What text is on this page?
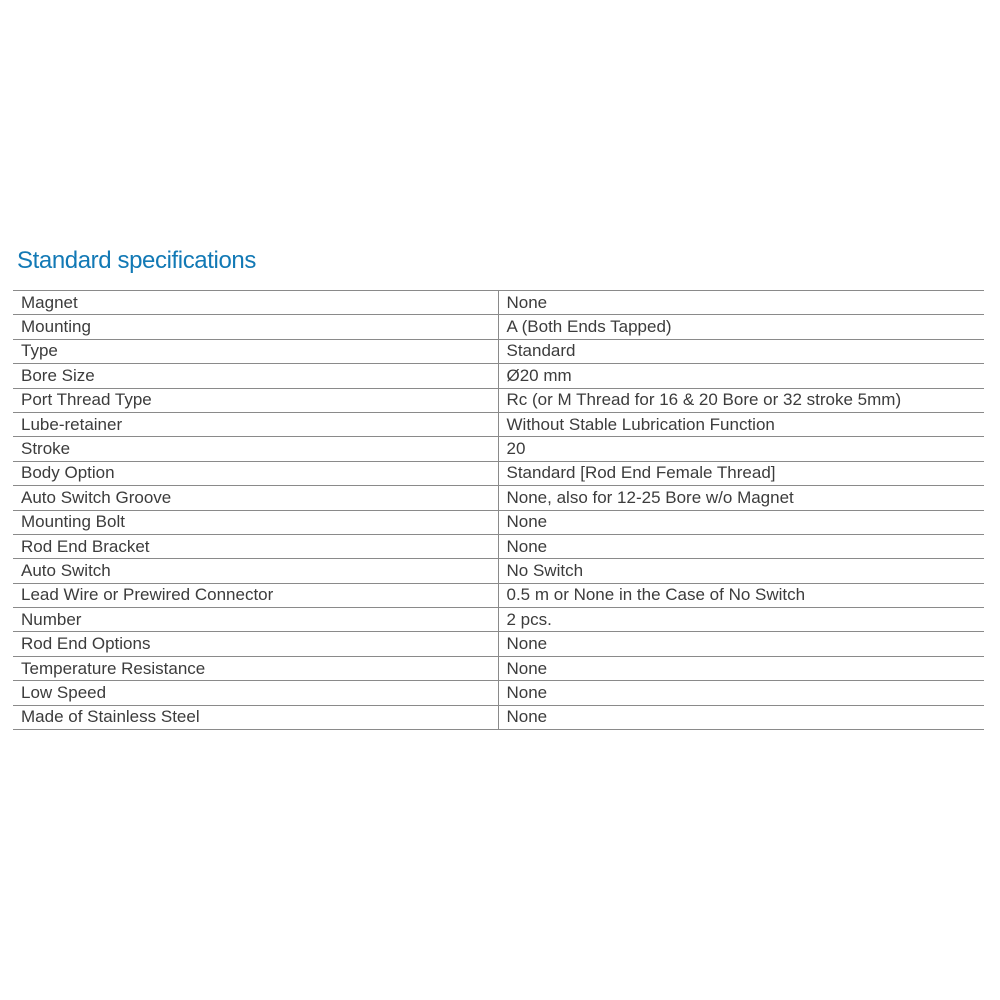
Standard specifications
Magnet	None
Mounting	A (Both Ends Tapped)
Type	Standard
Bore Size	Ø20 mm
Port Thread Type	Rc (or M Thread for 16 & 20 Bore or 32 stroke 5mm)
Lube-retainer	Without Stable Lubrication Function
Stroke	20
Body Option	Standard [Rod End Female Thread]
Auto Switch Groove	None, also for 12-25 Bore w/o Magnet
Mounting Bolt	None
Rod End Bracket	None
Auto Switch	No Switch
Lead Wire or Prewired Connector	0.5 m or None in the Case of No Switch
Number	2 pcs.
Rod End Options	None
Temperature Resistance	None
Low Speed	None
Made of Stainless Steel	None
